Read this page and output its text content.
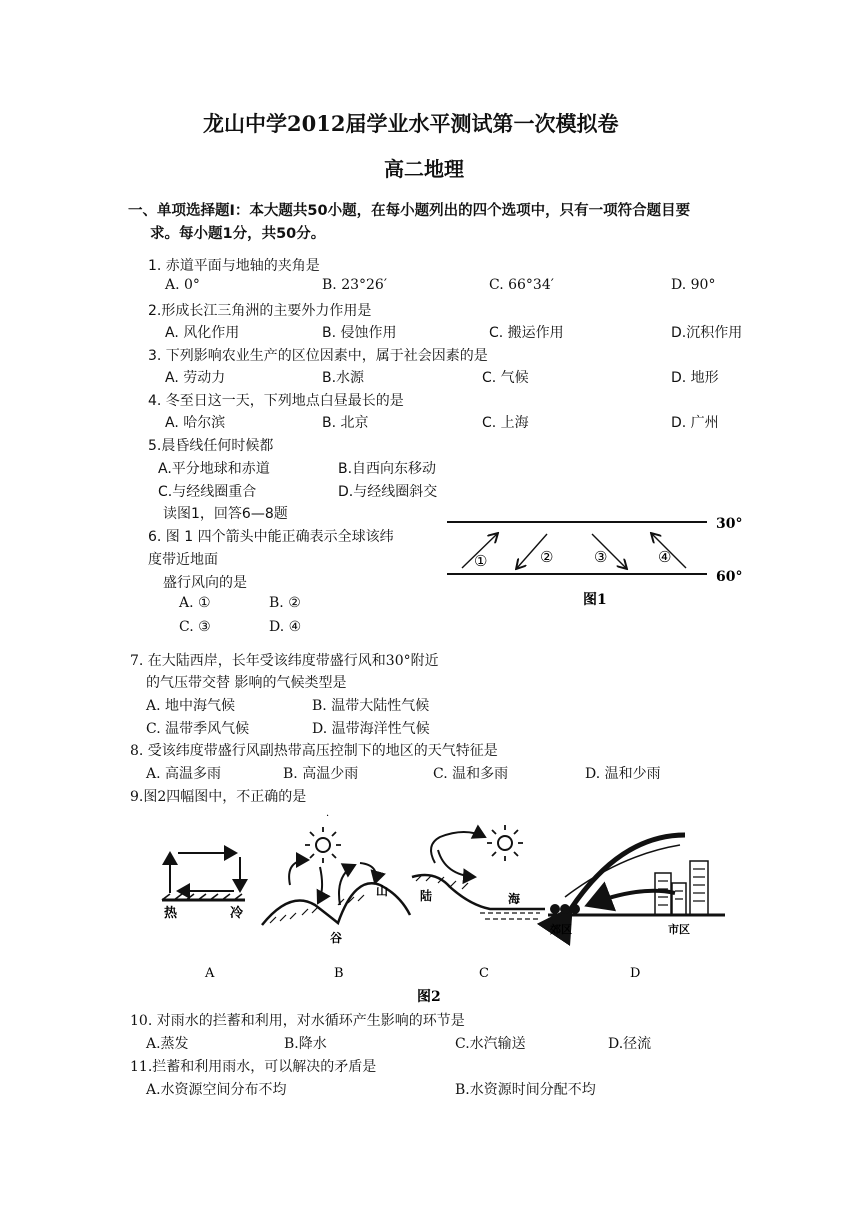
龙山中学2012届学业水平测试第一次模拟卷
高二地理
一、单项选择题Ⅰ：本大题共50小题，在每小题列出的四个选项中，只有一项符合题目要
求。每小题1分，共50分。
1. 赤道平面与地轴的夹角是
A. 0°	B. 23°26′	C. 66°34′	D. 90°
2.形成长江三角洲的主要外力作用是
A. 风化作用	B. 侵蚀作用	C. 搬运作用	D.沉积作用
3. 下列影响农业生产的区位因素中，属于社会因素的是
A. 劳动力	B.水源	C. 气候	D. 地形
4. 冬至日这一天，下列地点白昼最长的是
A. 哈尔滨	B. 北京	C. 上海	D. 广州
5.晨昏线任何时候都
A.平分地球和赤道	B.自西向东移动
C.与经线圈重合	D.与经线圈斜交
读图1，回答6—8题
6. 图 1 四个箭头中能正确表示全球该纬
度带近地面
盛行风向的是
A. ①	B. ②
C. ③	D. ④
30°
60°
①	②	③	④
图1
7. 在大陆西岸，长年受该纬度带盛行风和30°附近
的气压带交替 影响的气候类型是
A. 地中海气候	B. 温带大陆性气候
C. 温带季风气候	D. 温带海洋性气候
8. 受该纬度带盛行风副热带高压控制下的地区的天气特征是
A. 高温多雨	B. 高温少雨	C. 温和多雨	D. 温和少雨
9.图2四幅图中，不正确的是
热	冷
谷
山
·
陆	海
郊区	市区
A	B	C	D
图2
10. 对雨水的拦蓄和利用，对水循环产生影响的环节是
A.蒸发	B.降水	C.水汽输送	D.径流
11.拦蓄和利用雨水，可以解决的矛盾是
A.水资源空间分布不均	B.水资源时间分配不均
